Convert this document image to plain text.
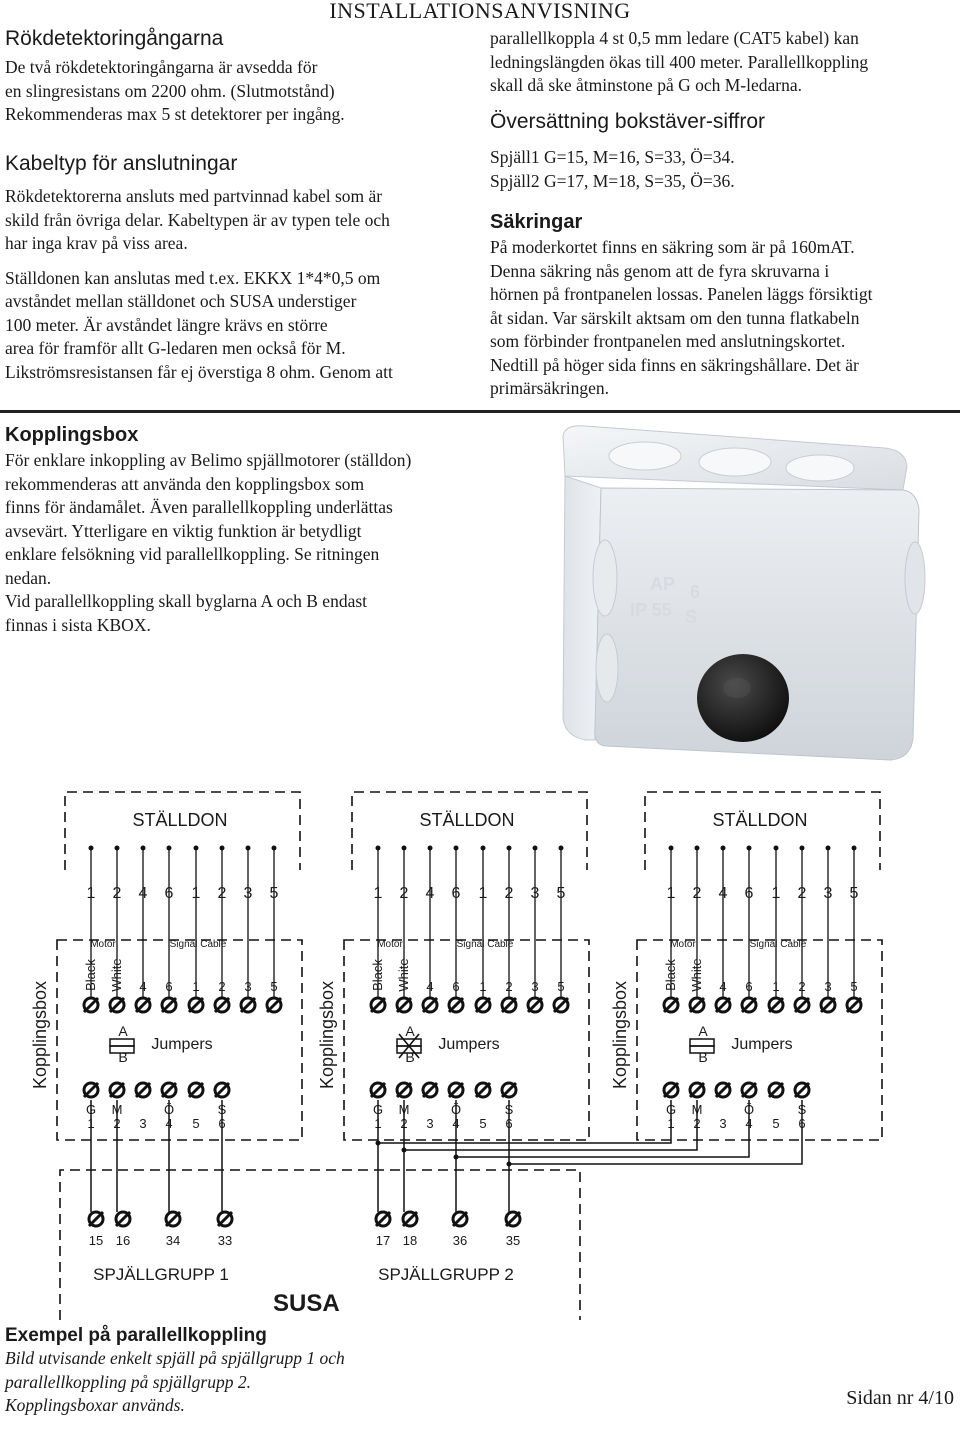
INSTALLATIONSANVISNING
Rökdetektoringångarna

De två rökdetektoringångarna är avsedda för

en slingresistans om 2200 ohm. (Slutmotstånd)

Rekommenderas max 5 st detektorer per ingång.

Kabeltyp för anslutningar

Rökdetektorerna ansluts med partvinnad kabel som är

skild från övriga delar. Kabeltypen är av typen tele och

har inga krav på viss area.

Ställdonen kan anslutas med t.ex. EKKX 1*4*0,5 om

avståndet mellan ställdonet och SUSA understiger

100 meter. Är avståndet längre krävs en större

area för framför allt G-ledaren men också för M.

Likströmsresistansen får ej överstiga 8 ohm. Genom att

parallellkoppla 4 st 0,5 mm ledare (CAT5 kabel) kan

ledningslängden ökas till 400 meter. Parallellkoppling

skall då ske åtminstone på G och M-ledarna.

Översättning bokstäver-siffror

Spjäll1 G=15, M=16, S=33, Ö=34.

Spjäll2 G=17, M=18, S=35, Ö=36.

Säkringar

På moderkortet finns en säkring som är på 160mAT.

Denna säkring nås genom att de fyra skruvarna i

hörnen på frontpanelen lossas. Panelen läggs försiktigt

åt sidan. Var särskilt aktsam om den tunna flatkabeln

som förbinder frontpanelen med anslutningskortet.

Nedtill på höger sida finns en säkringshållare. Det är

primärsäkringen.

Kopplingsbox

För enklare inkoppling av Belimo spjällmotorer (ställdon)

rekommenderas att använda den kopplingsbox som

finns för ändamålet. Även parallellkoppling underlättas

avsevärt. Ytterligare en viktig funktion är betydligt

enklare felsökning vid parallellkoppling. Se ritningen

nedan.

Vid parallellkoppling skall byglarna A och B endast

finnas i sista KBOX.

AP 6
IP 55 S
STÄLLDON
1 2 4 6 1 2 3 5
Kopplingsbox
Motor	Signal Cable
Black White 4 6 1 2 3 5
A
B
Jumpers
G
1
M
2 3
Ö
4 5
S
6
STÄLLDON
1 2 4 6 1 2 3 5
Kopplingsbox
Motor	Signal Cable
Black White 4 6 1 2 3 5
A
B
Jumpers
G
1
M
2 3
Ö
4 5
S
6
STÄLLDON
1 2 4 6 1 2 3 5
Kopplingsbox
Motor	Signal Cable
Black White 4 6 1 2 3 5
A
B
Jumpers
G
1
M
2 3
Ö
4 5
S
6
15 16	34	33
SPJÄLLGRUPP 1
17 18	36	35
SPJÄLLGRUPP 2
SUSA
Exempel på parallellkoppling

Bild utvisande enkelt spjäll på spjällgrupp 1 och

parallellkoppling på spjällgrupp 2.

Kopplingsboxar används.	Sidan nr 4/10
